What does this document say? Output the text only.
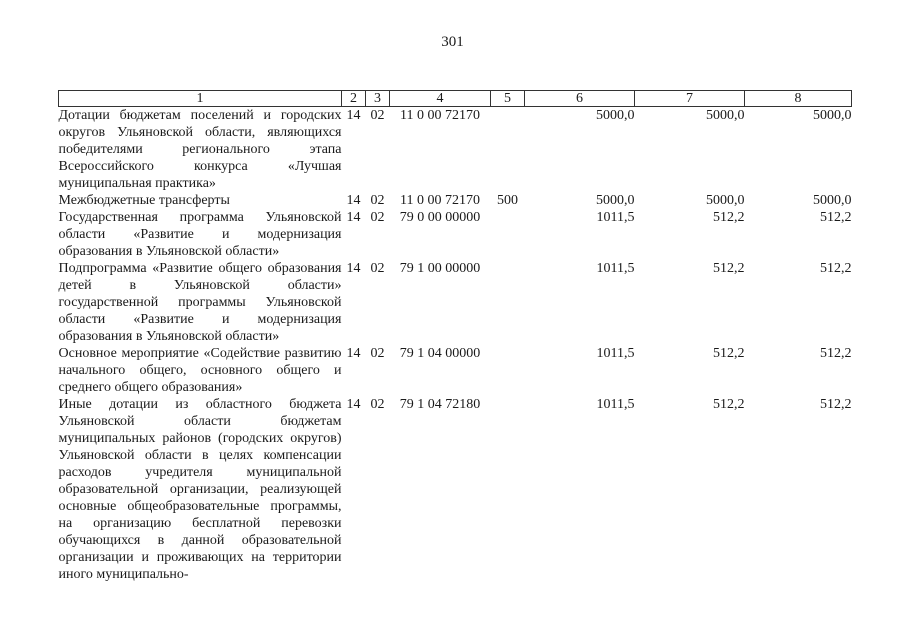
301
1	2	3	4	5	6	7	8
Дотации бюджетам поселений и городских округов Ульяновской области, являющихся победителями регионального этапа Всероссийского конкурса «Лучшая муниципальная практика»	14	02	11 0 00 72170		5000,0	5000,0	5000,0
Межбюджетные трансферты	14	02	11 0 00 72170	500	5000,0	5000,0	5000,0
Государственная программа Ульяновской области «Развитие и модернизация образования в Ульяновской области»	14	02	79 0 00 00000		1011,5	512,2	512,2
Подпрограмма «Развитие общего образования детей в Ульяновской области» государственной программы Ульяновской области «Развитие и модернизация образования в Ульяновской области»	14	02	79 1 00 00000		1011,5	512,2	512,2
Основное мероприятие «Содействие развитию начального общего, основного общего и среднего общего образования»	14	02	79 1 04 00000		1011,5	512,2	512,2
Иные дотации из областного бюджета Ульяновской области бюджетам муниципальных районов (городских округов) Ульяновской области в целях компенсации расходов учредителя муниципальной образовательной организации, реализующей основные общеобразовательные программы, на организацию бесплатной перевозки обучающихся в данной образовательной организации и проживающих на территории иного муниципально-	14	02	79 1 04 72180		1011,5	512,2	512,2
